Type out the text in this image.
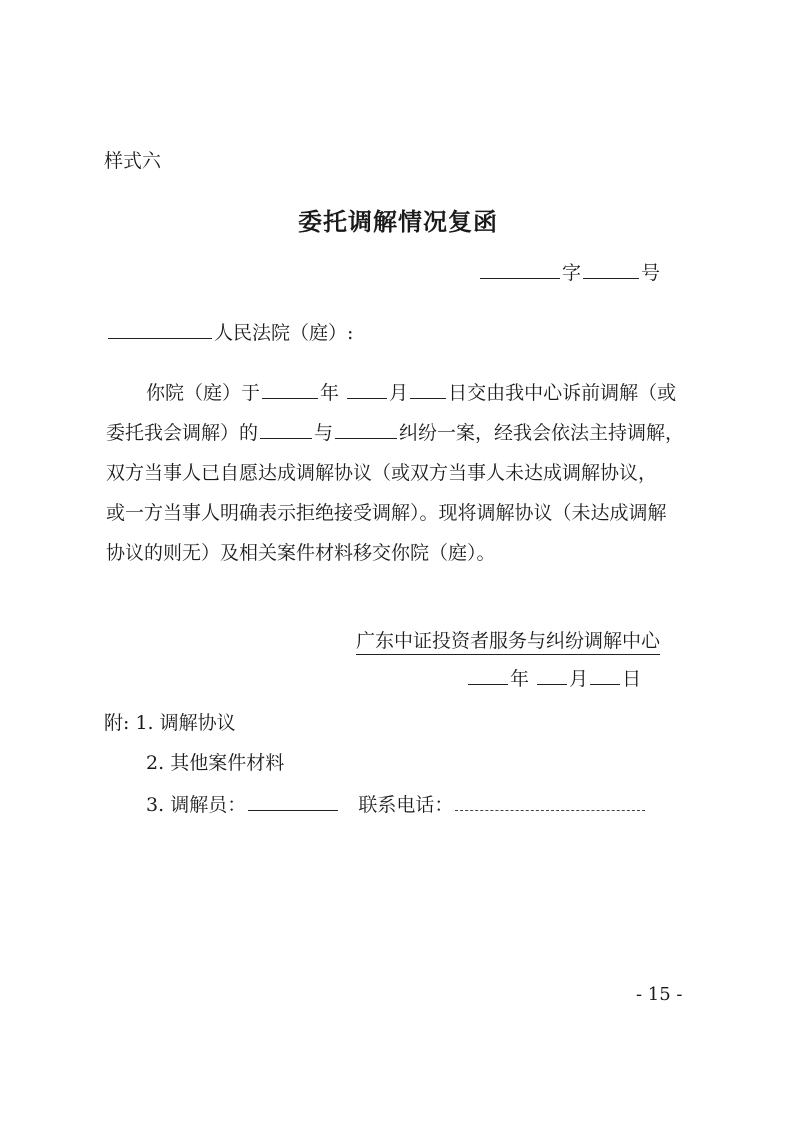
样式六
委托调解情况复函
字	号
人民法院（庭）:
你院（庭）于	年	月 日交由我中心诉前调解（或
委托我会调解）的	与	纠纷一案，经我会依法主持调解，
双方当事人已自愿达成调解协议（或双方当事人未达成调解协议，
或一方当事人明确表示拒绝接受调解）。现将调解协议（未达成调解
协议的则无）及相关案件材料移交你院（庭）。
广东中证投资者服务与纠纷调解中心
年 月 日
附: 1. 调解协议
2. 其他案件材料
3. 调解员：	联系电话：
- 15 -
